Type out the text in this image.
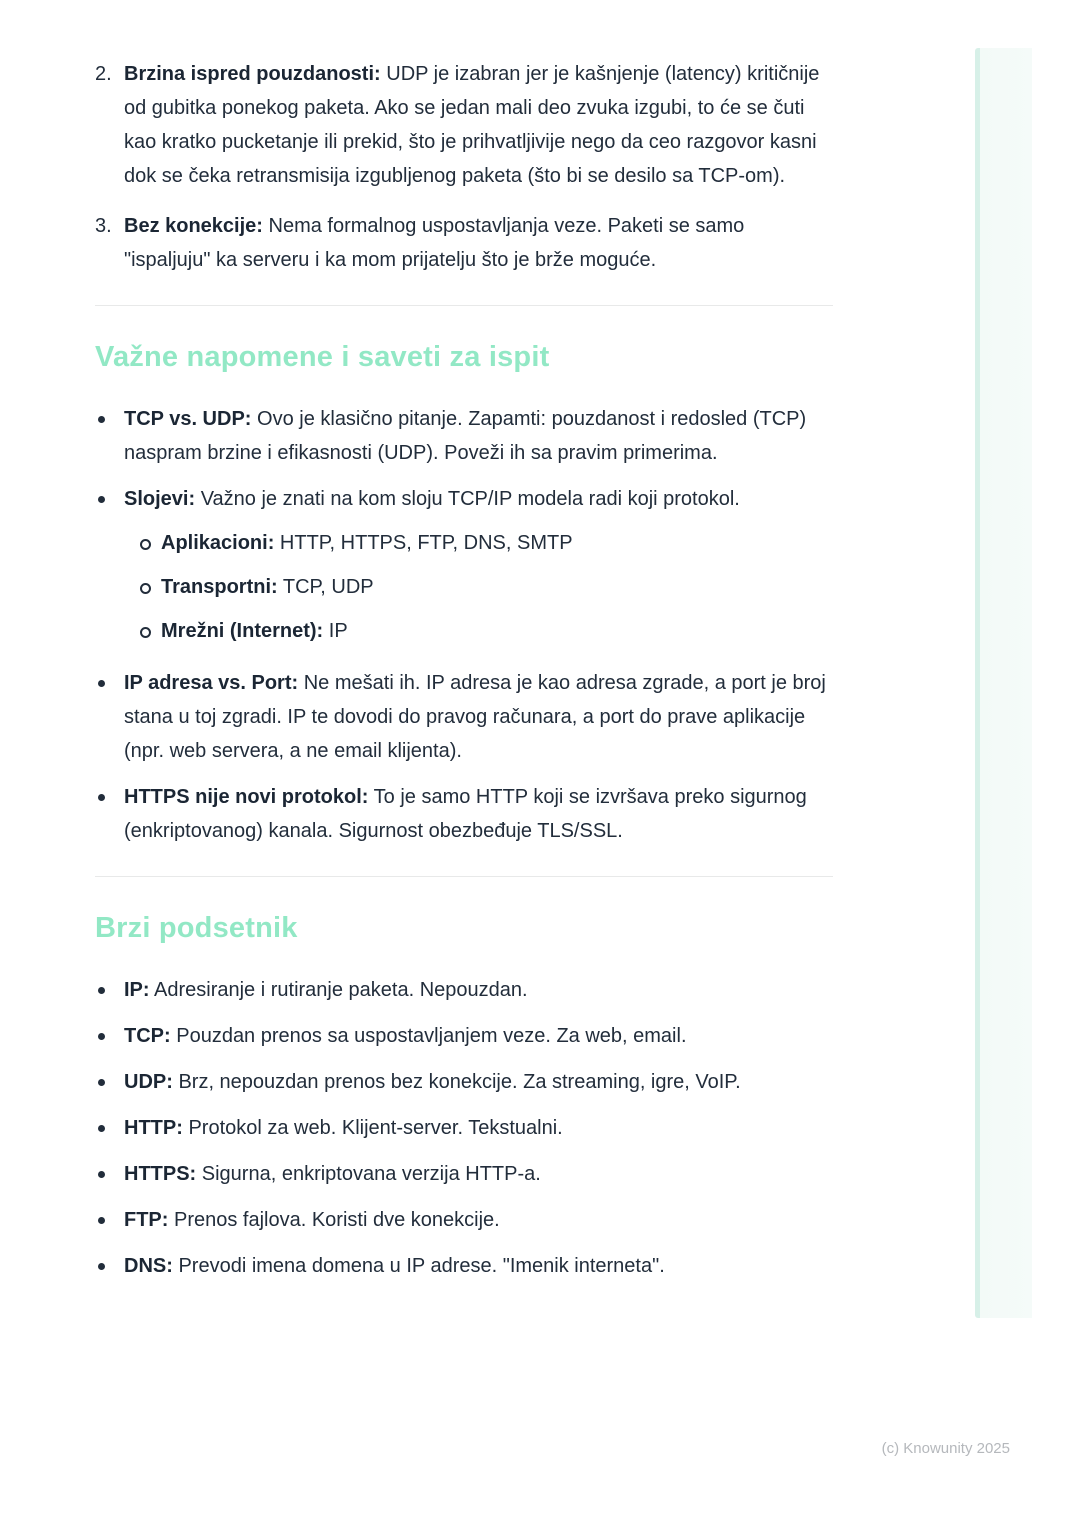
2. Brzina ispred pouzdanosti: UDP je izabran jer je kašnjenje (latency) kritičnije od gubitka ponekog paketa. Ako se jedan mali deo zvuka izgubi, to će se čuti kao kratko pucketanje ili prekid, što je prihvatljivije nego da ceo razgovor kasni dok se čeka retransmisija izgubljenog paketa (što bi se desilo sa TCP-om).
3. Bez konekcije: Nema formalnog uspostavljanja veze. Paketi se samo "ispaljuju" ka serveru i ka mom prijatelju što je brže moguće.
Važne napomene i saveti za ispit
TCP vs. UDP: Ovo je klasično pitanje. Zapamti: pouzdanost i redosled (TCP) naspram brzine i efikasnosti (UDP). Poveži ih sa pravim primerima.
Slojevi: Važno je znati na kom sloju TCP/IP modela radi koji protokol.
Aplikacioni: HTTP, HTTPS, FTP, DNS, SMTP
Transportni: TCP, UDP
Mrežni (Internet): IP
IP adresa vs. Port: Ne mešati ih. IP adresa je kao adresa zgrade, a port je broj stana u toj zgradi. IP te dovodi do pravog računara, a port do prave aplikacije (npr. web servera, a ne email klijenta).
HTTPS nije novi protokol: To je samo HTTP koji se izvršava preko sigurnog (enkriptovanog) kanala. Sigurnost obezbeđuje TLS/SSL.
Brzi podsetnik
IP: Adresiranje i rutiranje paketa. Nepouzdan.
TCP: Pouzdan prenos sa uspostavljanjem veze. Za web, email.
UDP: Brz, nepouzdan prenos bez konekcije. Za streaming, igre, VoIP.
HTTP: Protokol za web. Klijent-server. Tekstualni.
HTTPS: Sigurna, enkriptovana verzija HTTP-a.
FTP: Prenos fajlova. Koristi dve konekcije.
DNS: Prevodi imena domena u IP adrese. "Imenik interneta".
(c) Knowunity 2025
